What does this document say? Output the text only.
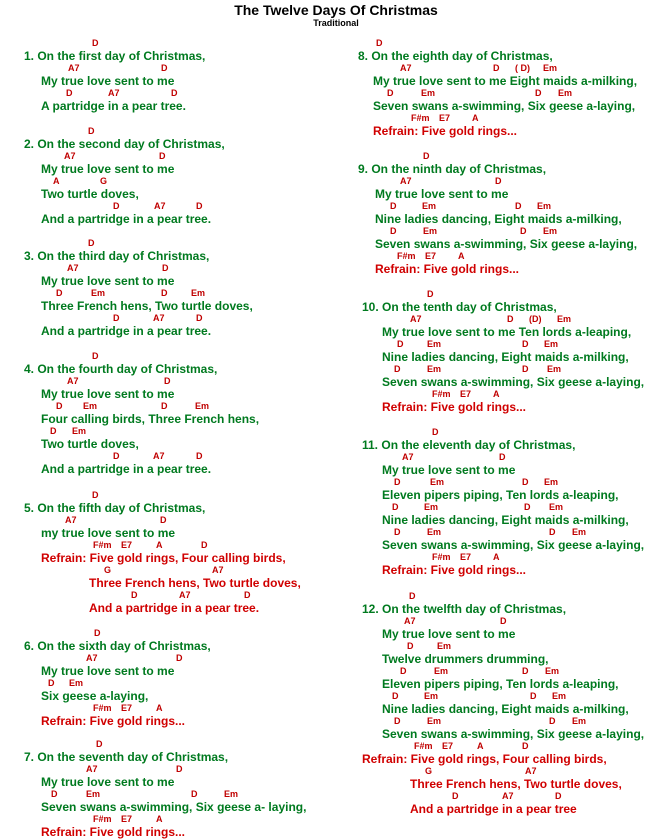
The Twelve Days Of Christmas
Traditional
D
1. On the first day of Christmas,
A7	D
My true love sent to me
D	A7	D
A partridge in a pear tree.
D
2. On the second day of Christmas,
A7	D
My true love sent to me
A	G
Two turtle doves,
D	A7	D
And a partridge in a pear tree.
D
3. On the third day of Christmas,
A7	D
My true love sent to me
D	Em	D	Em
Three French hens, Two turtle doves,
D	A7	D
And a partridge in a pear tree.
D
4. On the fourth day of Christmas,
A7	D
My true love sent to me
D Em	D	Em
Four calling birds, Three French hens,
D Em
Two turtle doves,
D	A7	D
And a partridge in a pear tree.
D
5. On the fifth day of Christmas,
A7	D
my true love sent to me
F#m E7	A	D
Refrain: Five gold rings, Four calling birds,
G	A7
Three French hens, Two turtle doves,
D	A7	D
And a partridge in a pear tree.
D
6. On the sixth day of Christmas,
A7	D
My true love sent to me
D Em
Six geese a-laying,
F#m E7	A
Refrain: Five gold rings...
D
7. On the seventh day of Christmas,
A7	D
My true love sent to me
D	Em	D	Em
Seven swans a-swimming, Six geese a- laying,
F#m E7	A
Refrain: Five gold rings...
D
8. On the eighth day of Christmas,
A7	D ( D) Em
My true love sent to me Eight maids a-milking,
D	Em	D Em
Seven swans a-swimming, Six geese a-laying,
F#m E7 A
Refrain: Five gold rings...
D
9. On the ninth day of Christmas,
A7	D
My true love sent to me
D	Em	D Em
Nine ladies dancing, Eight maids a-milking,
D	Em	D Em
Seven swans a-swimming, Six geese a-laying,
F#m E7 A
Refrain: Five gold rings...
D
10. On the tenth day of Christmas,
A7	D (D) Em
My true love sent to me Ten lords a-leaping,
D	Em	D Em
Nine ladies dancing, Eight maids a-milking,
D	Em	D Em
Seven swans a-swimming, Six geese a-laying,
F#m E7 A
Refrain: Five gold rings...
D
11. On the eleventh day of Christmas,
A7	D
My true love sent to me
D	Em	D Em
Eleven pipers piping, Ten lords a-leaping,
D	Em	D Em
Nine ladies dancing, Eight maids a-milking,
D	Em	D Em
Seven swans a-swimming, Six geese a-laying,
F#m E7 A
Refrain: Five gold rings...
D
12. On the twelfth day of Christmas,
A7	D
My true love sent to me
D	Em
Twelve drummers drumming,
D	Em	D Em
Eleven pipers piping, Ten lords a-leaping,
D	Em	D Em
Nine ladies dancing, Eight maids a-milking,
D	Em	D Em
Seven swans a-swimming, Six geese a-laying,
F#m E7	A	D
Refrain: Five gold rings, Four calling birds,
G	A7
Three French hens, Two turtle doves,
D	A7	D
And a partridge in a pear tree
